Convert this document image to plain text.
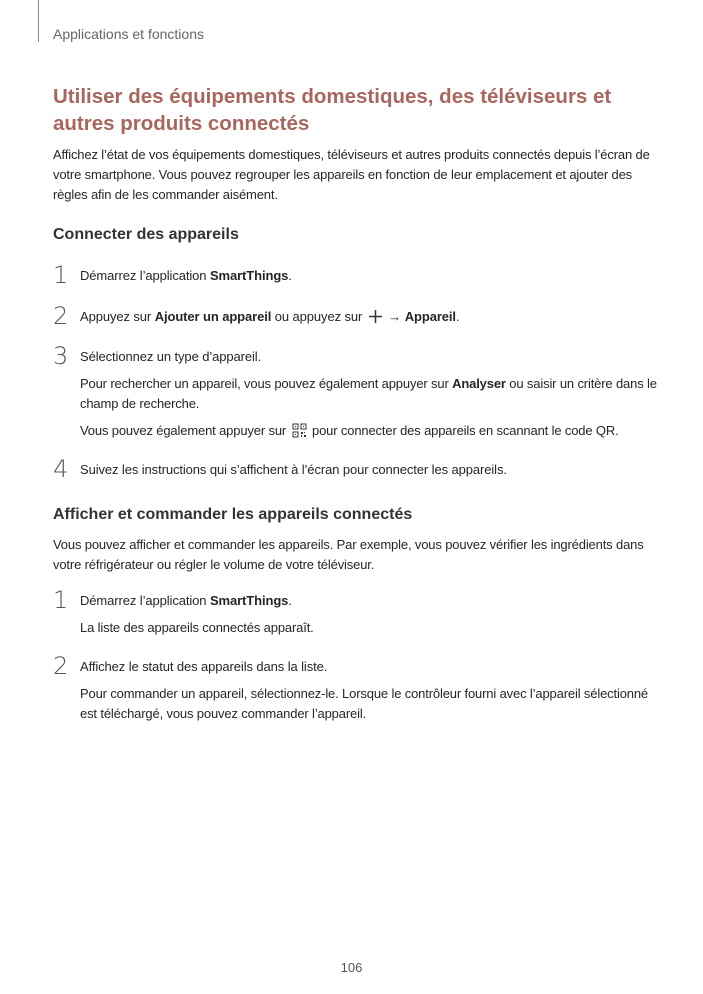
Applications et fonctions
Utiliser des équipements domestiques, des téléviseurs et autres produits connectés

Affichez l’état de vos équipements domestiques, téléviseurs et autres produits connectés depuis l’écran de votre smartphone. Vous pouvez regrouper les appareils en fonction de leur emplacement et ajouter des règles afin de les commander aisément.

Connecter des appareils
1 Démarrez l’application SmartThings.
2 Appuyez sur Ajouter un appareil ou appuyez sur  → Appareil.
3 Sélectionnez un type d’appareil.
Pour rechercher un appareil, vous pouvez également appuyer sur Analyser ou saisir un critère dans le champ de recherche.
Vous pouvez également appuyer sur  pour connecter des appareils en scannant le code QR.
4 Suivez les instructions qui s’affichent à l’écran pour connecter les appareils.
Afficher et commander les appareils connectés
Vous pouvez afficher et commander les appareils. Par exemple, vous pouvez vérifier les ingrédients dans votre réfrigérateur ou régler le volume de votre téléviseur.
1 Démarrez l’application SmartThings.
La liste des appareils connectés apparaît.
2 Affichez le statut des appareils dans la liste.
Pour commander un appareil, sélectionnez-le. Lorsque le contrôleur fourni avec l’appareil sélectionné est téléchargé, vous pouvez commander l’appareil.
106
